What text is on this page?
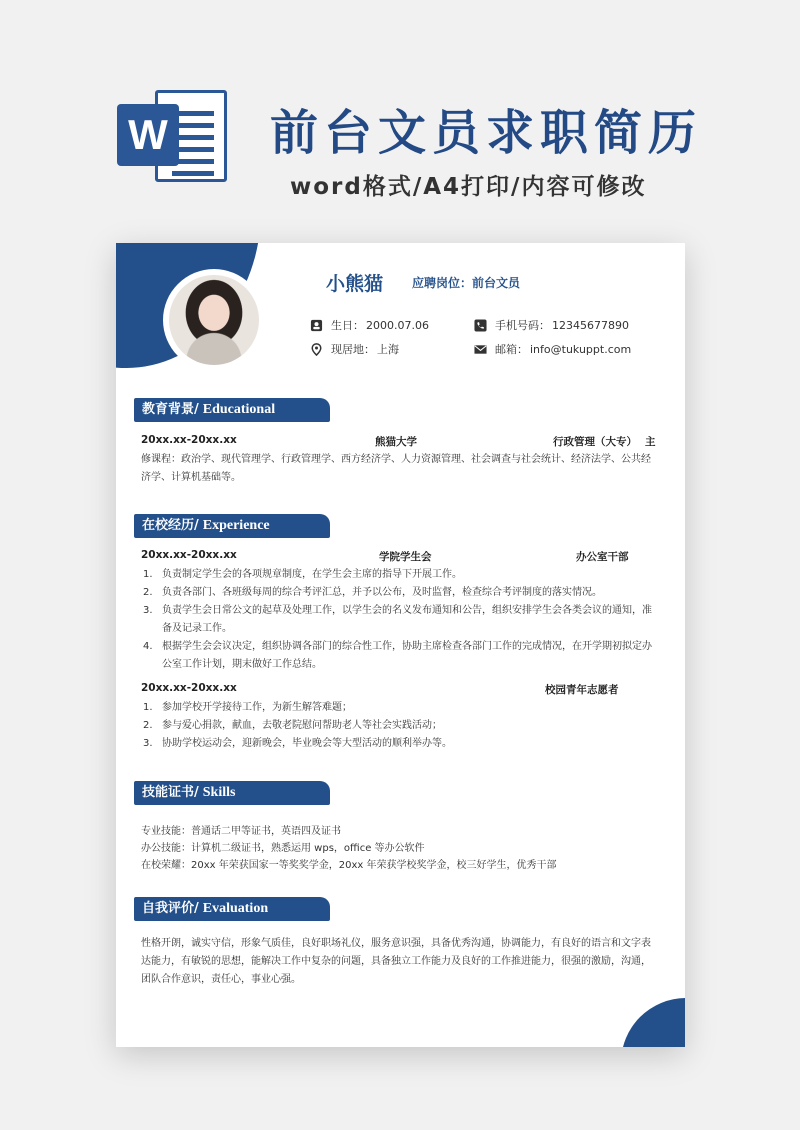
W 前台文员求职简历
word格式/A4打印/内容可修改
小熊猫 应聘岗位：前台文员
生日： 2000.07.06	手机号码： 12345677890
现居地： 上海	邮箱： info@tukuppt.com
教育背景/ Educational
20xx.xx-20xx.xx	熊猫大学	行政管理（大专） 主
修课程：政治学、现代管理学、行政管理学、西方经济学、人力资源管理、社会调查与社会统计、经济法学、公共经济学、计算机基础等。
在校经历/ Experience
20xx.xx-20xx.xx	学院学生会	办公室干部
1. 负责制定学生会的各项规章制度，在学生会主席的指导下开展工作。
2. 负责各部门、各班级每周的综合考评汇总，并予以公布，及时监督，检查综合考评制度的落实情况。
3. 负责学生会日常公文的起草及处理工作，以学生会的名义发布通知和公告，组织安排学生会各类会议的通知，准备及记录工作。
4. 根据学生会会议决定，组织协调各部门的综合性工作，协助主席检查各部门工作的完成情况，在开学期初拟定办公室工作计划，期末做好工作总结。
20xx.xx-20xx.xx	校园青年志愿者
1. 参加学校开学接待工作，为新生解答难题；
2. 参与爱心捐款，献血，去敬老院慰问帮助老人等社会实践活动；
3. 协助学校运动会，迎新晚会，毕业晚会等大型活动的顺利举办等。
技能证书/ Skills
专业技能：普通话二甲等证书，英语四及证书
办公技能：计算机二级证书，熟悉运用 wps，office 等办公软件
在校荣耀：20xx 年荣获国家一等奖奖学金，20xx 年荣获学校奖学金，校三好学生，优秀干部
自我评价/ Evaluation
性格开朗，诚实守信，形象气质佳，良好职场礼仪，服务意识强，具备优秀沟通，协调能力，有良好的语言和文字表达能力，有敏锐的思想，能解决工作中复杂的问题，具备独立工作能力及良好的工作推进能力，很强的激励，沟通，团队合作意识，责任心，事业心强。
